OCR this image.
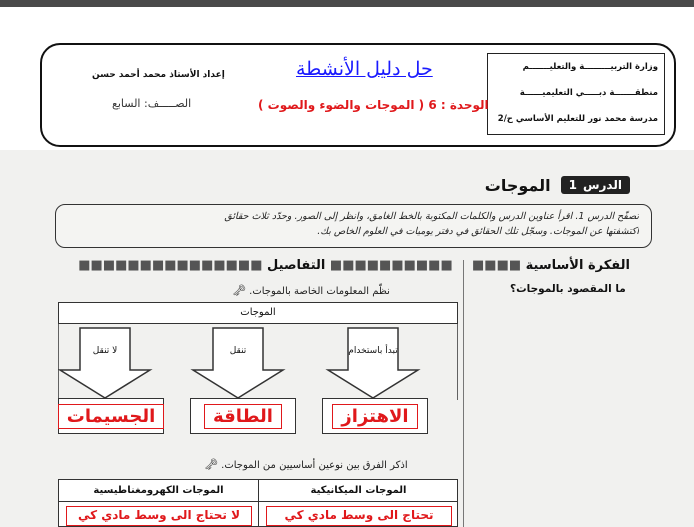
وزارة التربيـــــــــة والتعليـــــــم
منطقـــــــة دبـــــي التعليميــــــة
مدرسة محمد نور للتعليم الأساسي ح/2
حل دليل الأنشطة
الوحدة : 6 ( الموجات والضوء والصوت )
إعداد الأستاذ محمد أحمد حسن
الصـــــف: السابع
الدرس
1
الموجات
تصفّح الدرس 1. اقرأ عناوين الدرس والكلمات المكتوبة بالخط الغامق، وانظر إلى الصور. وحدّد ثلاث حقائق
اكتشفتها عن الموجات. وسجّل تلك الحقائق في دفتر يوميات في العلوم الخاص بك.
الفكرة الأساسية ■■■■
■■■■■■■■■■ التفاصيل ■■■■■■■■■■■■■■■
ما المقصود بالموجات؟
نظّم المعلومات الخاصة بالموجات. 🗝
الموجات
تبدأ باستخدام
تنقل
لا تنقل
الاهتزاز
الطاقة
الجسيمات
اذكر الفرق بين نوعين أساسيين من الموجات. 🗝
الموجات الميكانيكية
الموجات الكهرومغناطيسية
تحتاج الى وسط مادي كي
لا تحتاج الى وسط مادي كي
